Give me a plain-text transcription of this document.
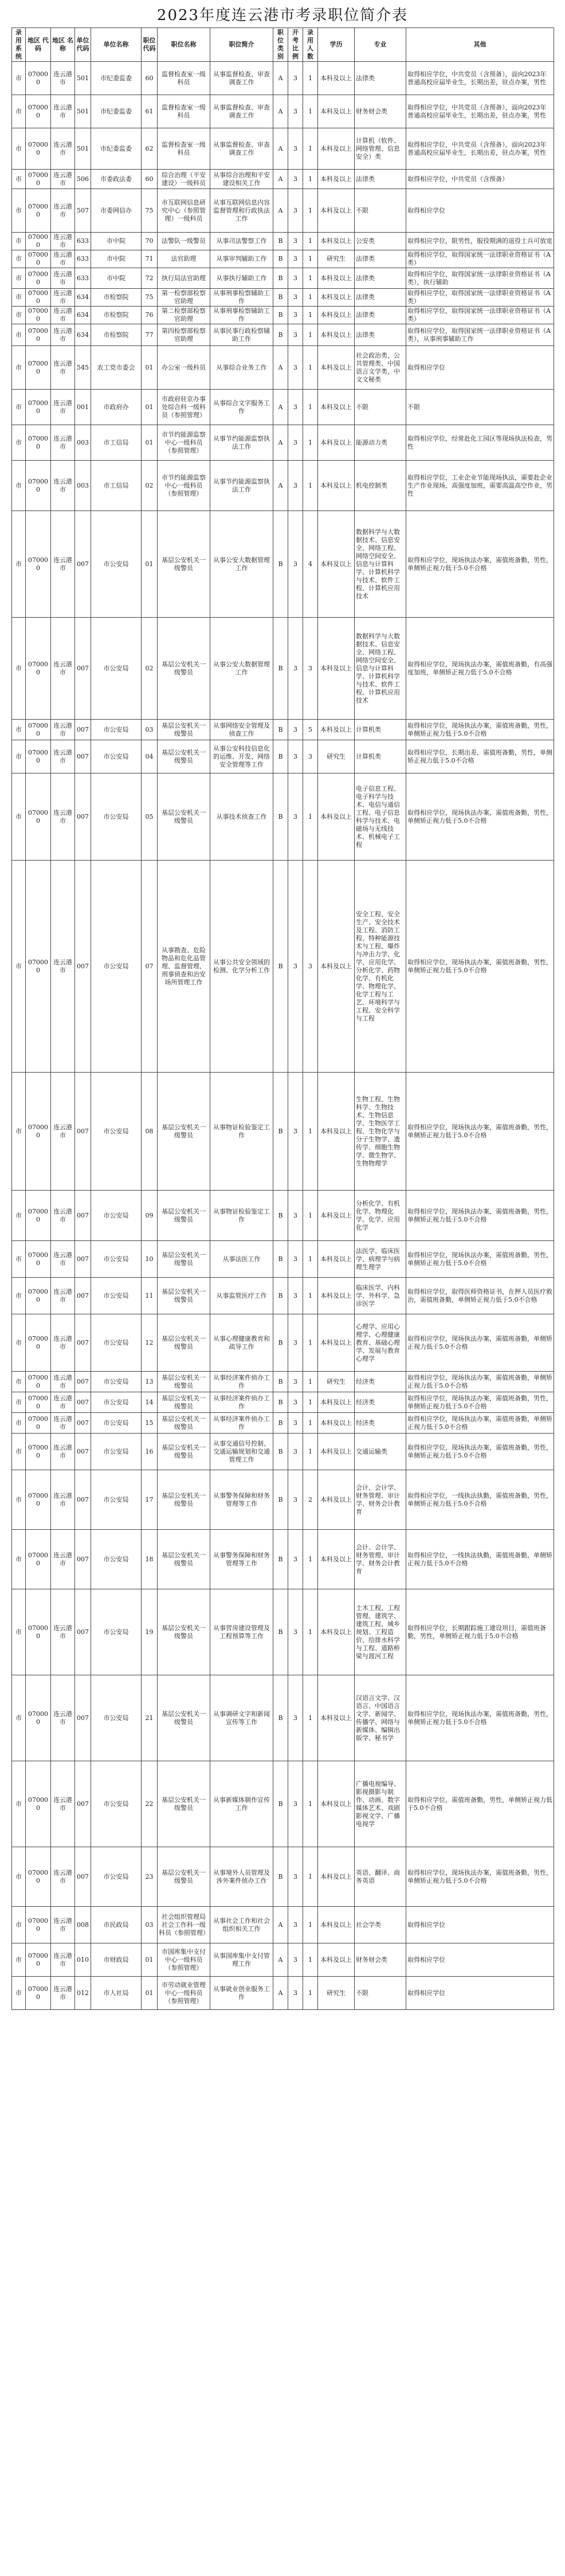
2023年度连云港市考录职位简介表
录用 系统	地区 代码	地区 名称	单位 代码	单位名称	职位 代码	职位名称	职位简介	职位 类别	开考 比例	录用 人数	学历	专业	其他
市	070000	连云港市	501	市纪委监委	60	监督检查室一级科员	从事监督检查、审查调查工作	A	3	1	本科及以上	法律类	取得相应学位，中共党员（含预备），面向2023年普通高校应届毕业生，长期出差，驻点办案，男性
市	070000	连云港市	501	市纪委监委	61	监督检查室一级科员	从事监督检查、审查调查工作	A	3	1	本科及以上	财务财会类	取得相应学位，中共党员（含预备），面向2023年普通高校应届毕业生，长期出差，驻点办案，男性
市	070000	连云港市	501	市纪委监委	62	监督检查室一级科员	从事监督检查、审查调查工作	A	3	1	本科及以上	计算机（软件、网络管理、信息安全）类	取得相应学位，中共党员（含预备），面向2023年普通高校应届毕业生，长期出差，驻点办案，男性
市	070000	连云港市	506	市委政法委	60	综合治理（平安建设）一级科员	从事综合治理和平安建设相关工作	A	3	1	本科及以上	法律类	取得相应学位，中共党员（含预备）
市	070000	连云港市	507	市委网信办	75	市互联网信息研究中心（参照管理）一级科员	从事互联网信息内容监督管理和行政执法工作	A	3	1	本科及以上	不限	取得相应学位
市	070000	连云港市	633	市中院	70	法警队一级警员	从事司法警察工作	B	3	1	本科及以上	公安类	取得相应学位，限男性，服役期满的退役士兵可放宽
市	070000	连云港市	633	市中院	71	法官助理	从事审判辅助工作	B	3	1	研究生	法律类	取得相应学位，取得国家统一法律职业资格证书（A类）
市	070000	连云港市	633	市中院	72	执行局法官助理	从事执行辅助工作	B	3	1	本科及以上	法律类	取得相应学位，取得国家统一法律职业资格证书（A类），执行辅助
市	070000	连云港市	634	市检察院	75	第一检察部检察官助理	从事刑事检察辅助工作	B	3	1	本科及以上	法律类	取得相应学位，取得国家统一法律职业资格证书（A类）
市	070000	连云港市	634	市检察院	76	第二检察部检察官助理	从事刑事检察辅助工作	B	3	1	本科及以上	法律类	取得相应学位，取得国家统一法律职业资格证书（A类）
市	070000	连云港市	634	市检察院	77	第四检察部检察官助理	从事民事行政检察辅助工作	B	3	1	本科及以上	法律类	取得相应学位，取得国家统一法律职业资格证书（A类），从事刑事辅助工作
市	070000	连云港市	545	农工党市委会	01	办公室一级科员	从事综合业务工作	A	3	1	本科及以上	社会政治类、公共管理类、中国语言文学类、中文文秘类	取得相应学位
市	070000	连云港市	001	市政府办	01	市政府驻京办事处综合科一级科员（参照管理）	从事综合文字服务工作	A	3	1	本科及以上	不限	不限
市	070000	连云港市	003	市工信局	01	市节约能源监察中心一级科员（参照管理）	从事节约能源监察执法工作	A	3	1	本科及以上	能源动力类	取得相应学位，经常赴化工园区等现场执法检查，男性
市	070000	连云港市	003	市工信局	02	市节约能源监察中心一级科员（参照管理）	从事节约能源监察执法工作	A	3	1	本科及以上	机电控制类	取得相应学位，工业企业节能现场执法，需要赴企业生产作业现场，高强度加班，需要高温高空作业，男性
市	070000	连云港市	007	市公安局	01	基层公安机关一级警员	从事公安大数据管理工作	B	3	4	本科及以上	数据科学与大数据技术、信息安全、网络工程、网络空间安全、信息与计算科学、计算机科学与技术、软件工程、计算机应用技术	取得相应学位，现场执法办案，需值班备勤，男性，单侧矫正视力低于5.0不合格
市	070000	连云港市	007	市公安局	02	基层公安机关一级警员	从事公安大数据管理工作	B	3	3	本科及以上	数据科学与大数据技术、信息安全、网络工程、网络空间安全、信息与计算科学、计算机科学与技术、软件工程、计算机应用技术	取得相应学位，现场执法办案，需值班备勤，有高强度加班，单侧矫正视力低于5.0不合格
市	070000	连云港市	007	市公安局	03	基层公安机关一级警员	从事网络安全管理及侦查工作	B	3	5	本科及以上	计算机类	取得相应学位，现场执法办案，需值班备勤，男性，单侧矫正视力低于5.0不合格
市	070000	连云港市	007	市公安局	04	基层公安机关一级警员	从事公安科技信息化的运维、开发、网络安全管理等工作	B	3	3	研究生	计算机类	取得相应学位，长期出差，需值班备勤，男性，单侧矫正视力低于5.0不合格
市	070000	连云港市	007	市公安局	05	基层公安机关一级警员	从事技术侦查工作	B	3	1	本科及以上	电子信息工程、电子科学与技术、电信与通信工程、电子信息科学与技术、电磁场与无线技术、机械电子工程	取得相应学位，现场执法办案，需值班备勤，男性，单侧矫正视力低于5.0不合格
市	070000	连云港市	007	市公安局	07	从事勘查、危险物品和危化品管理、监督管理、刑事侦查和治安场所管理工作	从事公共安全领域的检测、化学分析工作	B	3	3	本科及以上	安全工程、安全生产、安全技术及工程、消防工程、特种能源技术与工程、爆炸与冲击力学、化学、应用化学、分析化学、药物化学、有机化学、物理化学、化学工程与工艺、环境科学与工程、安全科学与工程	取得相应学位，现场执法办案，需值班备勤，男性，单侧矫正视力低于5.0不合格
市	070000	连云港市	007	市公安局	08	基层公安机关一级警员	从事物证检验鉴定工作	B	3	1	本科及以上	生物工程、生物科学、生物技术、生物信息学、生物医学工程、生物化学与分子生物学、遗传学、细胞生物学、微生物学、生物物理学	取得相应学位，现场执法办案，需值班备勤，男性，单侧矫正视力低于5.0不合格
市	070000	连云港市	007	市公安局	09	基层公安机关一级警员	从事物证检验鉴定工作	B	3	1	本科及以上	分析化学、有机化学、物理化学、化学、应用化学	取得相应学位，现场执法办案，需值班备勤，男性，单侧矫正视力低于5.0不合格
市	070000	连云港市	007	市公安局	10	基层公安机关一级警员	从事法医工作	B	3	1	本科及以上	法医学、临床医学、病理学与病理生理学	取得相应学位，现场执法办案，需值班备勤，男性，单侧矫正视力低于5.0不合格
市	070000	连云港市	007	市公安局	11	基层公安机关一级警员	从事监管医疗工作	B	3	1	本科及以上	临床医学、内科学、外科学、急诊医学	取得相应学位，取得医师资格证书，在押人员医疗救治，需值班备勤，单侧矫正视力低于5.0不合格
市	070000	连云港市	007	市公安局	12	基层公安机关一级警员	从事心理健康教育和疏导工作	B	3	1	本科及以上	心理学、应用心理学、心理健康教育、基础心理学、发展与教育心理学	取得相应学位，现场执法办案，需值班备勤，单侧矫正视力低于5.0不合格
市	070000	连云港市	007	市公安局	13	基层公安机关一级警员	从事经济案件侦办工作	B	3	1	研究生	经济类	取得相应学位，现场执法办案，需值班备勤，单侧矫正视力低于5.0不合格
市	070000	连云港市	007	市公安局	14	基层公安机关一级警员	从事经济案件侦办工作	B	3	1	本科及以上	经济类	取得相应学位，现场执法办案，需值班备勤，男性，单侧矫正视力低于5.0不合格
市	070000	连云港市	007	市公安局	15	基层公安机关一级警员	从事经济案件侦办工作	B	3	1	本科及以上	经济类	取得相应学位，现场执法办案，需值班备勤，单侧矫正视力低于5.0不合格
市	070000	连云港市	007	市公安局	16	基层公安机关一级警员	从事交通信号控制、交通运输规划和交通管理工作	B	3	1	本科及以上	交通运输类	取得相应学位，现场执法办案，需值班备勤，男性，单侧矫正视力低于5.0不合格
市	070000	连云港市	007	市公安局	17	基层公安机关一级警员	从事警务保障和财务管理等工作	B	3	2	本科及以上	会计、会计学、财务管理、审计学、财务会计教育	取得相应学位，一线执法执勤，需值班备勤，男性，单侧矫正视力低于5.0不合格
市	070000	连云港市	007	市公安局	18	基层公安机关一级警员	从事警务保障和财务管理等工作	B	3	1	本科及以上	会计、会计学、财务管理、审计学、财务会计教育	取得相应学位，一线执法执勤，需值班备勤，单侧矫正视力低于5.0不合格
市	070000	连云港市	007	市公安局	19	基层公安机关一级警员	从事营房建设管理及工程预算等工作	B	3	1	本科及以上	土木工程、工程管理、建筑学、建筑工程、城乡规划、工程造价、给排水科学与工程、道路桥梁与渡河工程	取得相应学位，长期跟踪施工建设项目，需值班备勤，男性，单侧矫正视力低于5.0不合格
市	070000	连云港市	007	市公安局	21	基层公安机关一级警员	从事调研文字和新闻宣传等工作	B	3	1	本科及以上	汉语言文学、汉语言、中国语言文学、新闻学、传播学、网络与新媒体、编辑出版学、秘书学	取得相应学位，现场执法办案，需值班备勤，男性，单侧矫正视力低于5.0不合格
市	070000	连云港市	007	市公安局	22	基层公安机关一级警员	从事新媒体制作宣传工作	B	3	1	本科及以上	广播电视编导、影视摄影与制作、动画、数字媒体艺术、戏剧影视文学、广播电视学	取得相应学位，需值班备勤，男性，单侧矫正视力低于5.0不合格
市	070000	连云港市	007	市公安局	23	基层公安机关一级警员	从事境外人员管理及涉外案件侦办工作	B	3	1	本科及以上	英语、翻译、商务英语	取得相应学位，现场执法办案，需值班备勤，男性，单侧矫正视力低于5.0不合格
市	070000	连云港市	008	市民政局	03	社会组织管理局社会工作科一级科员（参照管理）	从事社会工作和社会组织相关工作	A	3	1	本科及以上	社会学类	取得相应学位
市	070000	连云港市	010	市财政局	01	市国库集中支付中心一级科员（参照管理）	从事国库集中支付管理工作	A	3	1	本科及以上	财务财会类	取得相应学位
市	070000	连云港市	012	市人社局	01	市劳动就业管理中心一级科员（参照管理）	从事就业创业服务工作	A	3	1	研究生	不限	取得相应学位
